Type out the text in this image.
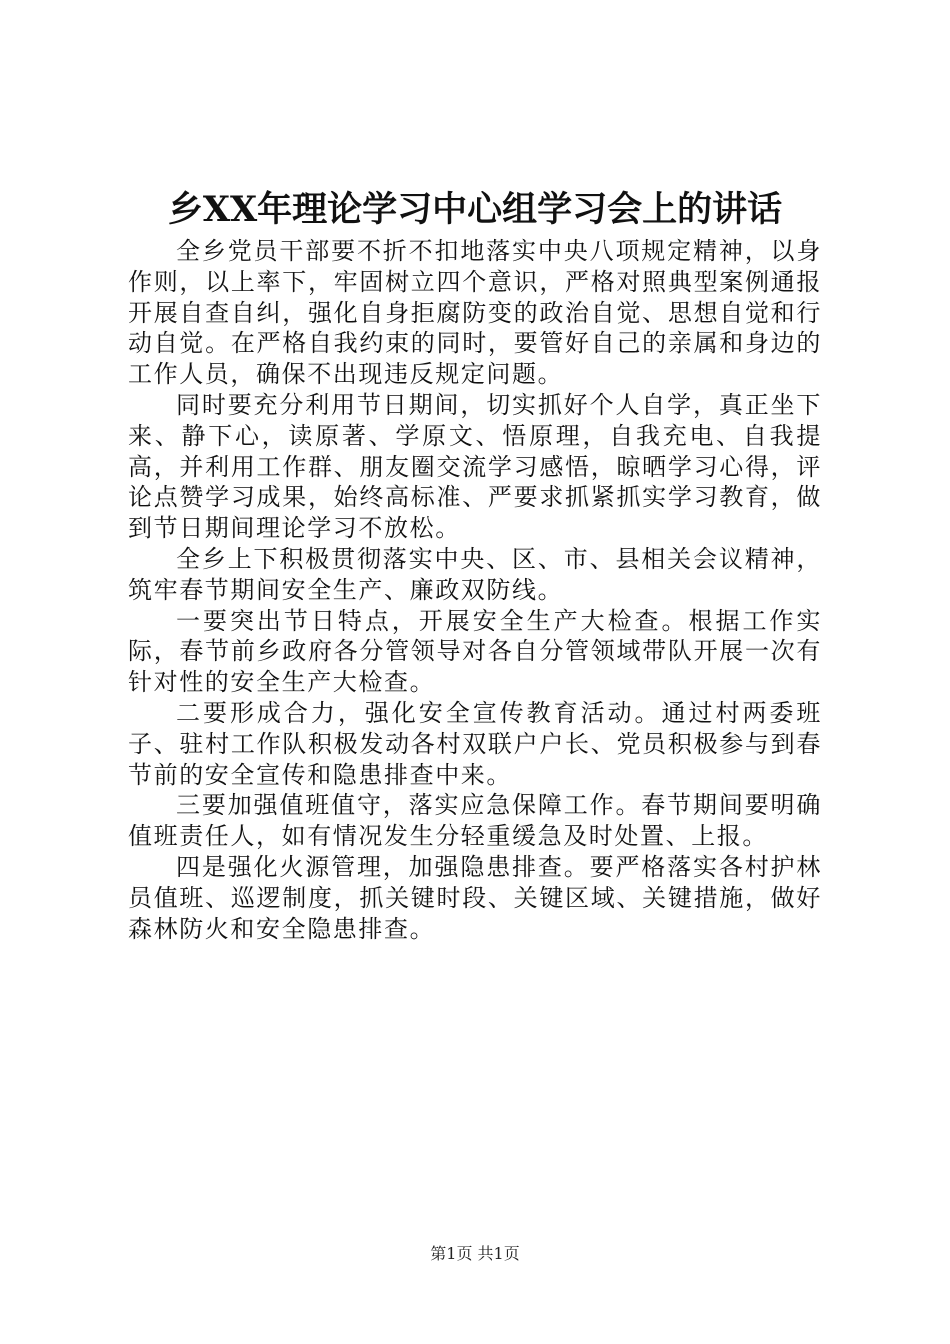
乡XX年理论学习中心组学习会上的讲话

全乡党员干部要不折不扣地落实中央八项规定精神，以身作则，以上率下，牢固树立四个意识，严格对照典型案例通报开展自查自纠，强化自身拒腐防变的政治自觉、思想自觉和行动自觉。在严格自我约束的同时，要管好自己的亲属和身边的工作人员，确保不出现违反规定问题。

同时要充分利用节日期间，切实抓好个人自学，真正坐下来、静下心，读原著、学原文、悟原理，自我充电、自我提高，并利用工作群、朋友圈交流学习感悟，晾晒学习心得，评论点赞学习成果，始终高标准、严要求抓紧抓实学习教育，做到节日期间理论学习不放松。

全乡上下积极贯彻落实中央、区、市、县相关会议精神，筑牢春节期间安全生产、廉政双防线。

一要突出节日特点，开展安全生产大检查。根据工作实际，春节前乡政府各分管领导对各自分管领域带队开展一次有针对性的安全生产大检查。

二要形成合力，强化安全宣传教育活动。通过村两委班子、驻村工作队积极发动各村双联户户长、党员积极参与到春节前的安全宣传和隐患排查中来。

三要加强值班值守，落实应急保障工作。春节期间要明确值班责任人，如有情况发生分轻重缓急及时处置、上报。

四是强化火源管理，加强隐患排查。要严格落实各村护林员值班、巡逻制度，抓关键时段、关键区域、关键措施，做好森林防火和安全隐患排查。

第1页 共1页
